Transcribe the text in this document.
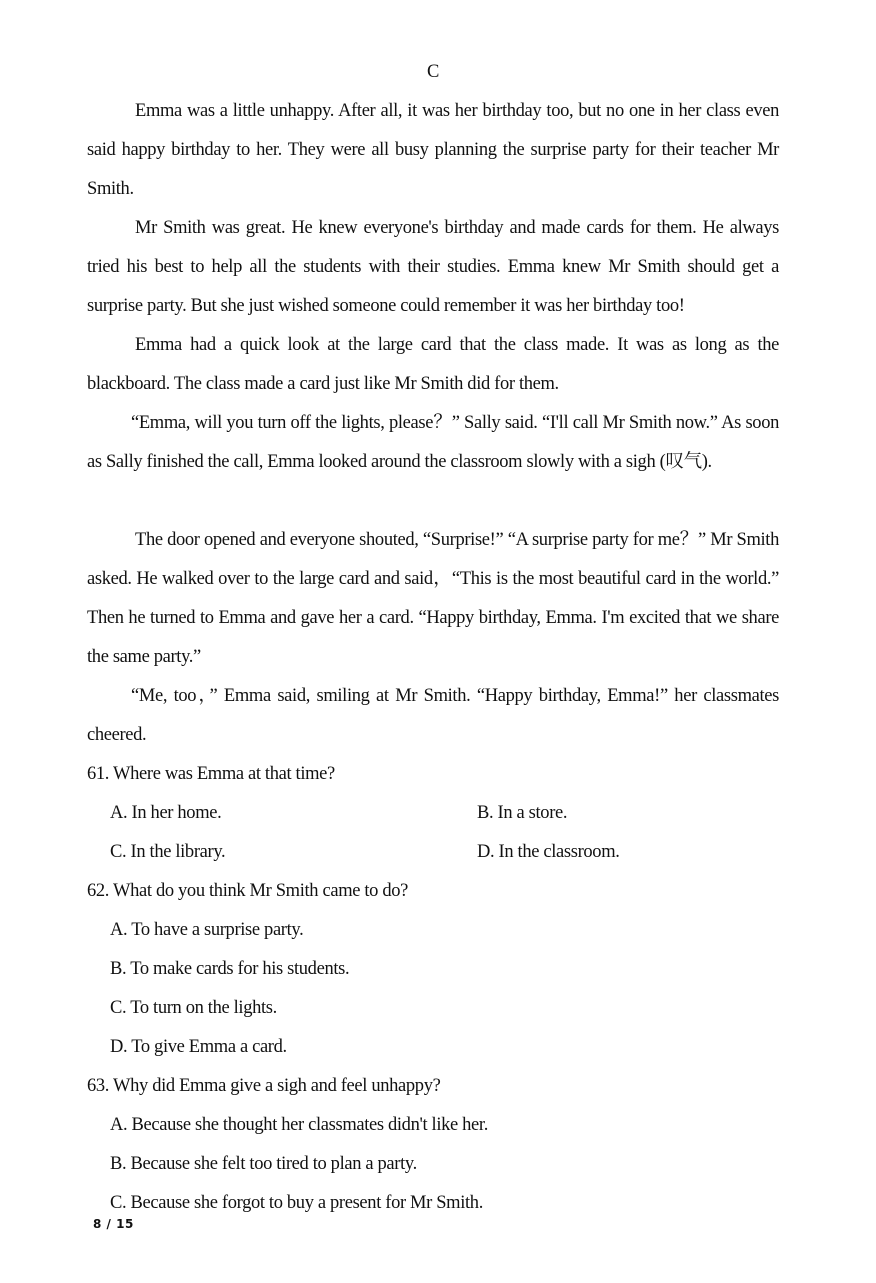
C

Emma was a little unhappy. After all, it was her birthday too, but no one in her class even said happy birthday to her. They were all busy planning the surprise party for their teacher Mr Smith.

Mr Smith was great. He knew everyone's birthday and made cards for them. He always tried his best to help all the students with their studies. Emma knew Mr Smith should get a surprise party. But she just wished someone could remember it was her birthday too!

Emma had a quick look at the large card that the class made. It was as long as the blackboard. The class made a card just like Mr Smith did for them.

“Emma, will you turn off the lights, please？” Sally said. “I'll call Mr Smith now.” As soon as Sally finished the call, Emma looked around the classroom slowly with a sigh (叹气).

The door opened and everyone shouted, “Surprise!” “A surprise party for me？” Mr Smith asked. He walked over to the large card and said，“This is the most beautiful card in the world.” Then he turned to Emma and gave her a card. “Happy birthday, Emma. I'm excited that we share the same party.”

“Me, too，” Emma said, smiling at Mr Smith. “Happy birthday, Emma!” her classmates cheered.

61. Where was Emma at that time?
A. In her home.	B. In a store.
C. In the library.	D. In the classroom.
62. What do you think Mr Smith came to do?
A. To have a surprise party.
B. To make cards for his students.
C. To turn on the lights.
D. To give Emma a card.
63. Why did Emma give a sigh and feel unhappy?
A. Because she thought her classmates didn't like her.
B. Because she felt too tired to plan a party.
C. Because she forgot to buy a present for Mr Smith.
8 / 15
